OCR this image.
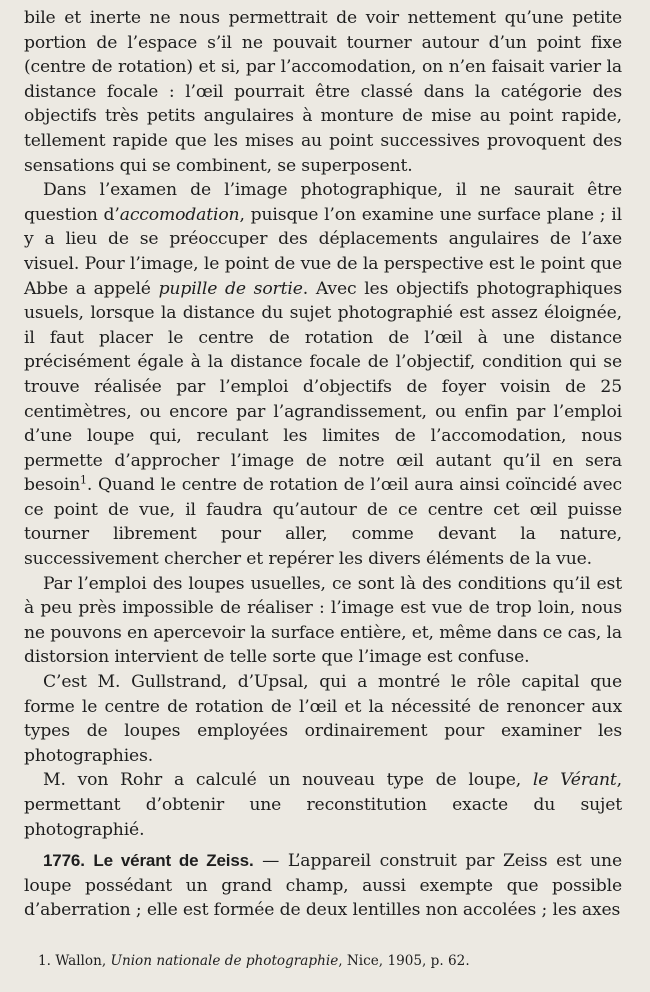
bile et inerte ne nous permettrait de voir nettement qu’une petite portion de l’espace s’il ne pouvait tourner autour d’un point fixe (centre de rotation) et si, par l’accomodation, on n’en faisait varier la distance focale : l’œil pourrait être classé dans la catégorie des objectifs très petits angulaires à monture de mise au point rapide, tellement rapide que les mises au point successives provoquent des sensations qui se combinent, se superposent.

Dans l’examen de l’image photographique, il ne saurait être question d’accomodation, puisque l’on examine une surface plane ; il y a lieu de se préoccuper des déplacements angulaires de l’axe visuel. Pour l’image, le point de vue de la perspective est le point que Abbe a appelé pupille de sortie. Avec les objectifs photographiques usuels, lorsque la distance du sujet photographié est assez éloignée, il faut placer le centre de rotation de l’œil à une distance précisément égale à la distance focale de l’objectif, condition qui se trouve réalisée par l’emploi d’objectifs de foyer voisin de 25 centimètres, ou encore par l’agrandissement, ou enfin par l’emploi d’une loupe qui, reculant les limites de l’accomodation, nous permette d’approcher l’image de notre œil autant qu’il en sera besoin$^1$. Quand le centre de rotation de l’œil aura ainsi coïncidé avec ce point de vue, il faudra qu’autour de ce centre cet œil puisse tourner librement pour aller, comme devant la nature, successivement chercher et repérer les divers éléments de la vue.

Par l’emploi des loupes usuelles, ce sont là des conditions qu’il est à peu près impossible de réaliser : l’image est vue de trop loin, nous ne pouvons en apercevoir la surface entière, et, même dans ce cas, la distorsion intervient de telle sorte que l’image est confuse.

C’est M. Gullstrand, d’Upsal, qui a montré le rôle capital que forme le centre de rotation de l’œil et la nécessité de renoncer aux types de loupes employées ordinairement pour examiner les photographies.

M. von Rohr a calculé un nouveau type de loupe, le Vérant, permettant d’obtenir une reconstitution exacte du sujet photographié.

1776. Le vérant de Zeiss. — L’appareil construit par Zeiss est une loupe possédant un grand champ, aussi exempte que possible d’aberration ; elle est formée de deux lentilles non accolées ; les axes

1. Wallon, Union nationale de photographie, Nice, 1905, p. 62.
